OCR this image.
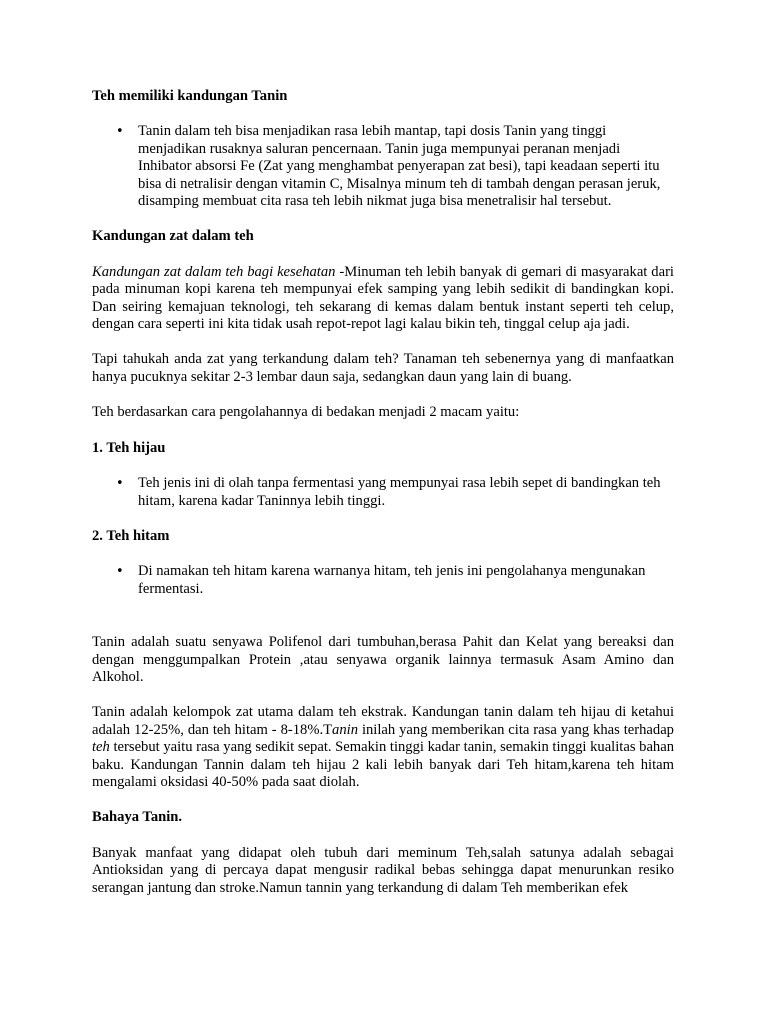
Teh memiliki kandungan Tanin
• Tanin dalam teh bisa menjadikan rasa lebih mantap, tapi dosis Tanin yang tinggi menjadikan rusaknya saluran pencernaan. Tanin juga mempunyai peranan menjadi Inhibator absorsi Fe (Zat yang menghambat penyerapan zat besi), tapi keadaan seperti itu bisa di netralisir dengan vitamin C, Misalnya minum teh di tambah dengan perasan jeruk, disamping membuat cita rasa teh lebih nikmat juga bisa menetralisir hal tersebut.
Kandungan zat dalam teh

Kandungan zat dalam teh bagi kesehatan -Minuman teh lebih banyak di gemari di masyarakat dari pada minuman kopi karena teh mempunyai efek samping yang lebih sedikit di bandingkan kopi. Dan seiring kemajuan teknologi, teh sekarang di kemas dalam bentuk instant seperti teh celup, dengan cara seperti ini kita tidak usah repot-repot lagi kalau bikin teh, tinggal celup aja jadi.

Tapi tahukah anda zat yang terkandung dalam teh? Tanaman teh sebenernya yang di manfaatkan hanya pucuknya sekitar 2-3 lembar daun saja, sedangkan daun yang lain di buang.

Teh berdasarkan cara pengolahannya di bedakan menjadi 2 macam yaitu:

1. Teh hijau
• Teh jenis ini di olah tanpa fermentasi yang mempunyai rasa lebih sepet di bandingkan teh hitam, karena kadar Taninnya lebih tinggi.
2. Teh hitam
• Di namakan teh hitam karena warnanya hitam, teh jenis ini pengolahanya mengunakan fermentasi.

Tanin adalah suatu senyawa Polifenol dari tumbuhan,berasa Pahit dan Kelat yang bereaksi dan dengan menggumpalkan Protein ,atau senyawa organik lainnya termasuk Asam Amino dan Alkohol.

Tanin adalah kelompok zat utama dalam teh ekstrak. Kandungan tanin dalam teh hijau di ketahui adalah 12-25%, dan teh hitam - 8-18%.Tanin inilah yang memberikan cita rasa yang khas terhadap teh tersebut yaitu rasa yang sedikit sepat. Semakin tinggi kadar tanin, semakin tinggi kualitas bahan baku. Kandungan Tannin dalam teh hijau 2 kali lebih banyak dari Teh hitam,karena teh hitam mengalami oksidasi 40-50% pada saat diolah.

Bahaya Tanin.

Banyak manfaat yang didapat oleh tubuh dari meminum Teh,salah satunya adalah sebagai Antioksidan yang di percaya dapat mengusir radikal bebas sehingga dapat menurunkan resiko serangan jantung dan stroke.Namun tannin yang terkandung di dalam Teh memberikan efek
